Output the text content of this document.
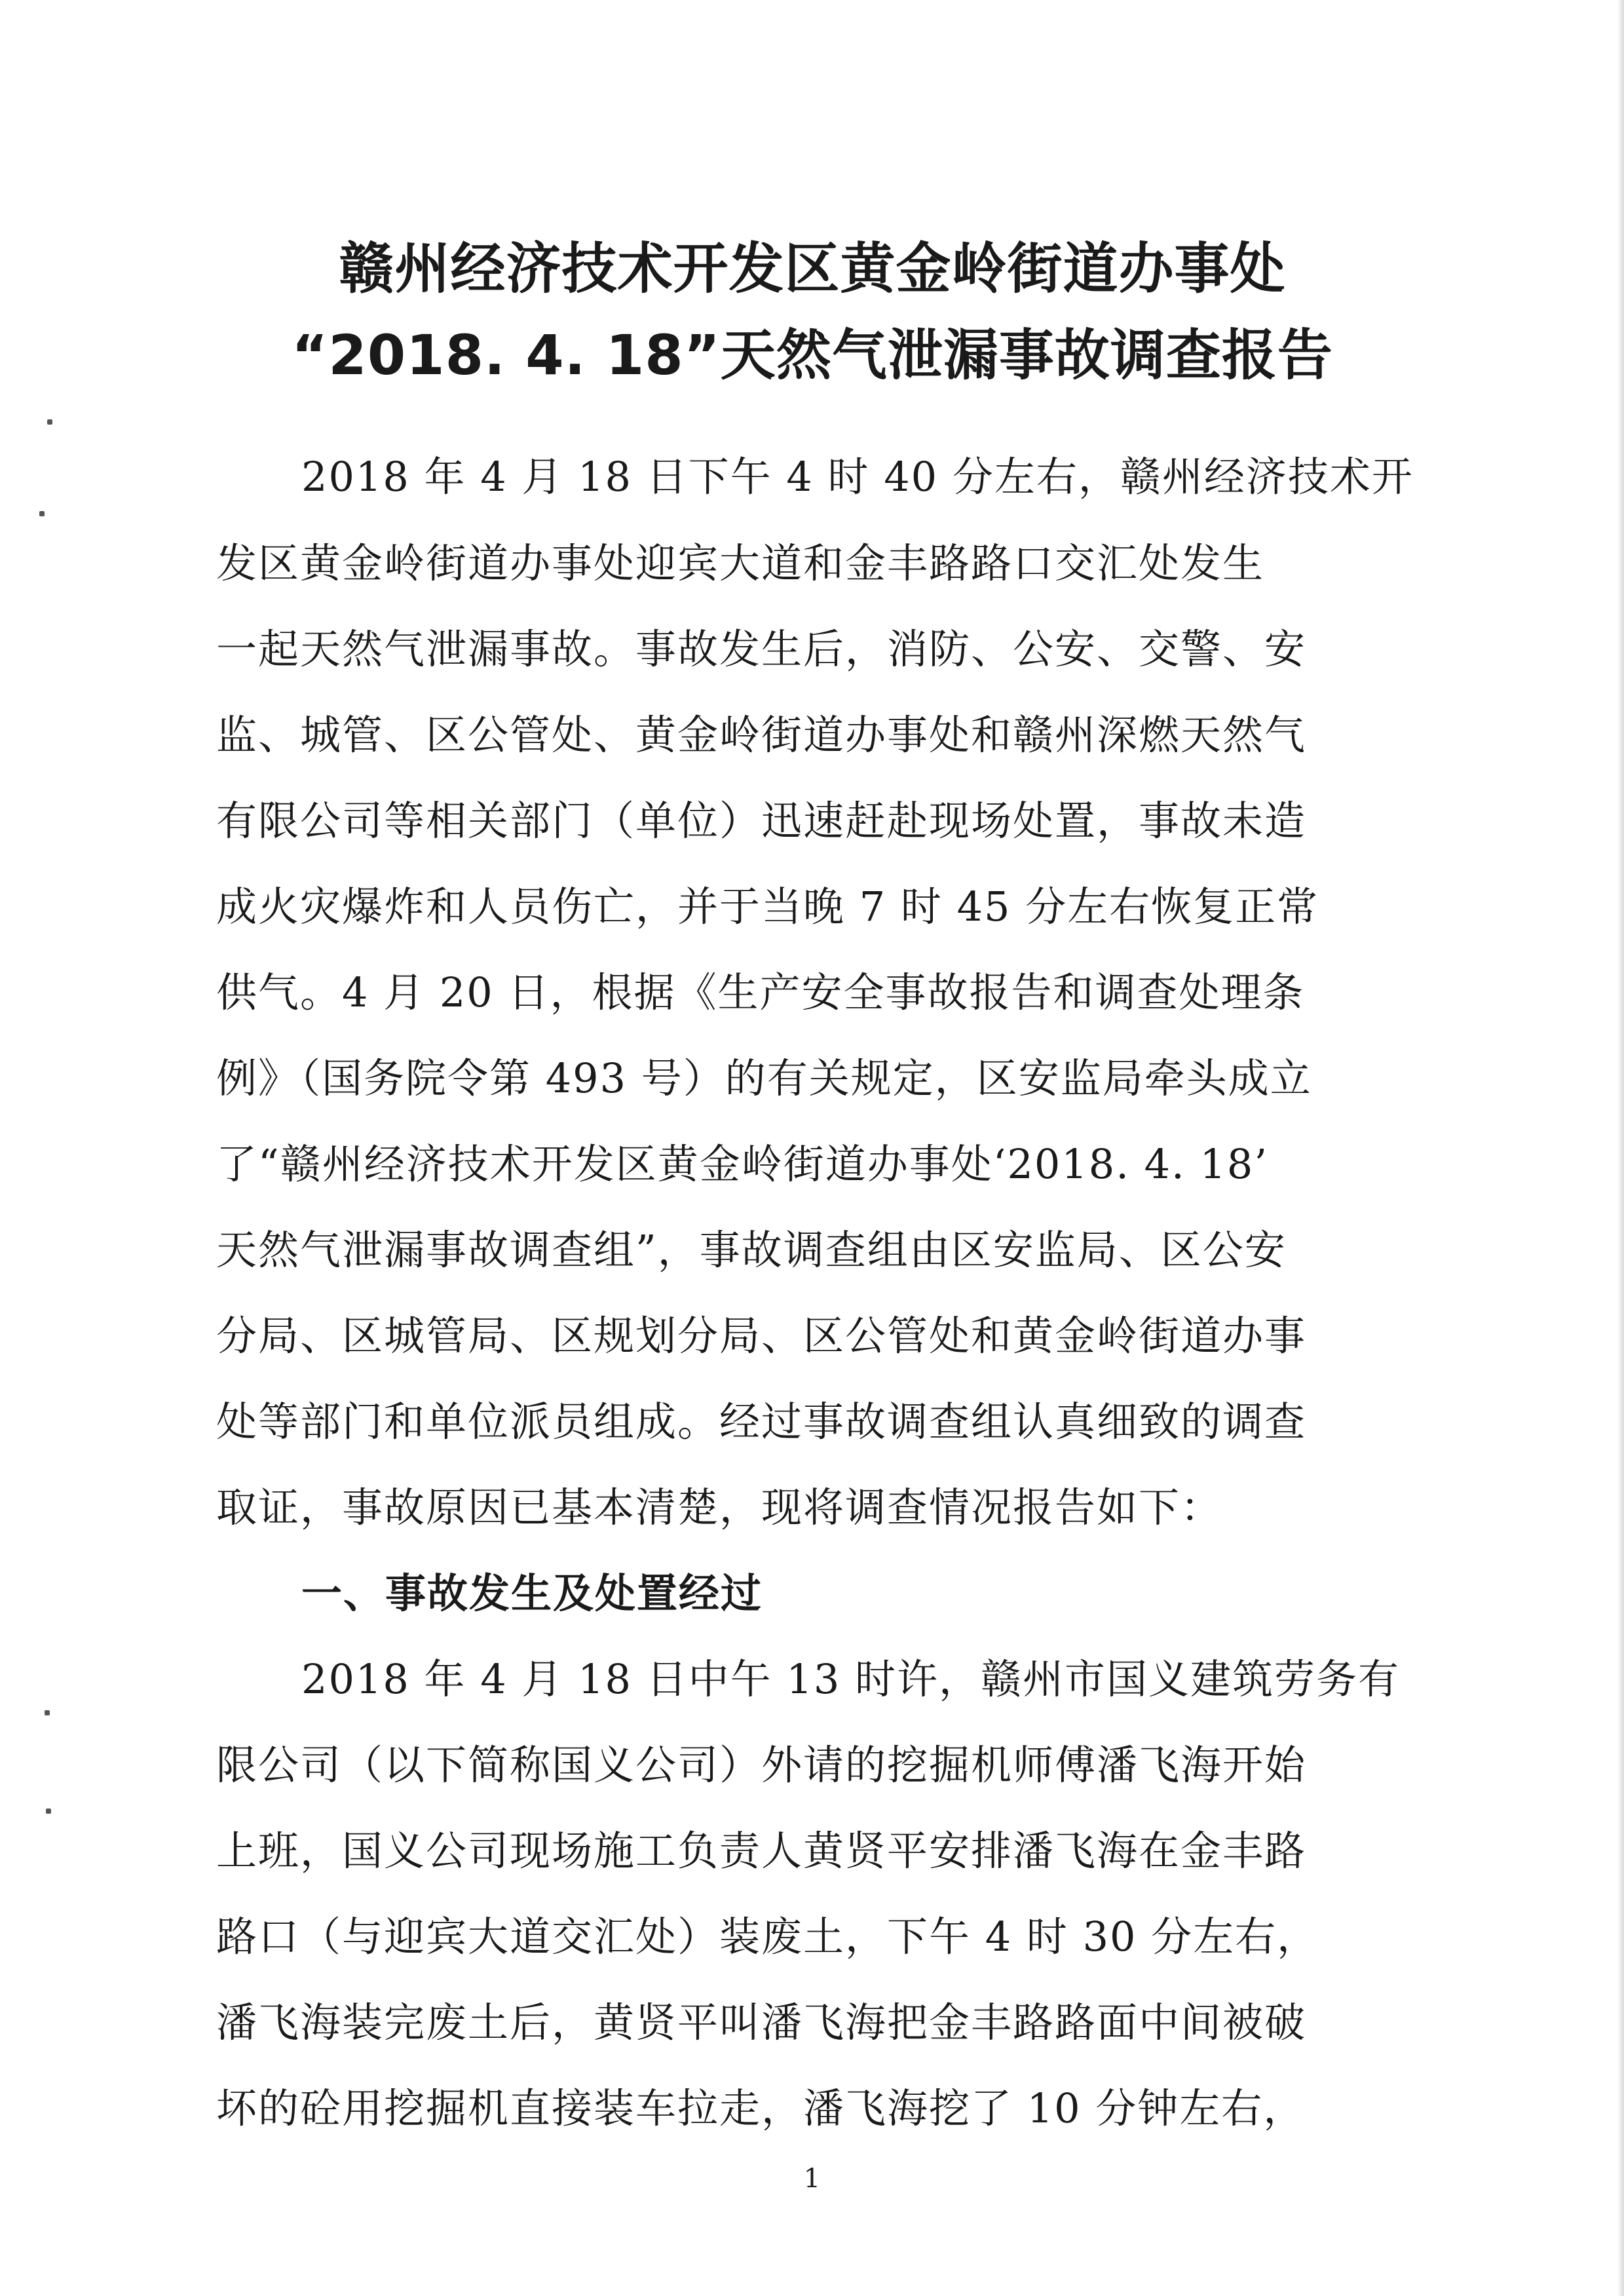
赣州经济技术开发区黄金岭街道办事处
“2018. 4. 18”天然气泄漏事故调查报告
2018 年 4 月 18 日下午 4 时 40 分左右，赣州经济技术开
发区黄金岭街道办事处迎宾大道和金丰路路口交汇处发生
一起天然气泄漏事故。事故发生后，消防、公安、交警、安
监、城管、区公管处、黄金岭街道办事处和赣州深燃天然气
有限公司等相关部门（单位）迅速赶赴现场处置，事故未造
成火灾爆炸和人员伤亡，并于当晚 7 时 45 分左右恢复正常
供气。4 月 20 日，根据《生产安全事故报告和调查处理条
例》（国务院令第 493 号）的有关规定，区安监局牵头成立
了“赣州经济技术开发区黄金岭街道办事处‘2018. 4. 18’
天然气泄漏事故调查组”，事故调查组由区安监局、区公安
分局、区城管局、区规划分局、区公管处和黄金岭街道办事
处等部门和单位派员组成。经过事故调查组认真细致的调查
取证，事故原因已基本清楚，现将调查情况报告如下：
一、事故发生及处置经过
2018 年 4 月 18 日中午 13 时许，赣州市国义建筑劳务有
限公司（以下简称国义公司）外请的挖掘机师傅潘飞海开始
上班，国义公司现场施工负责人黄贤平安排潘飞海在金丰路
路口（与迎宾大道交汇处）装废土，下午 4 时 30 分左右，
潘飞海装完废土后，黄贤平叫潘飞海把金丰路路面中间被破
坏的砼用挖掘机直接装车拉走，潘飞海挖了 10 分钟左右，
1
